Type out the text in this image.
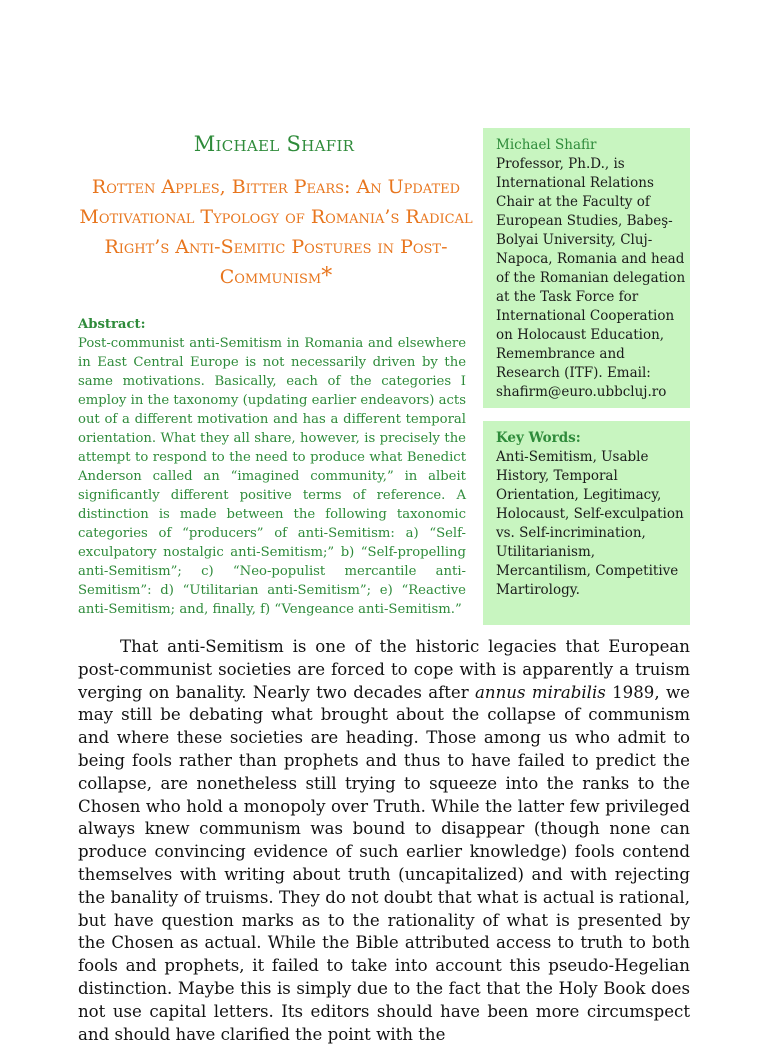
Michael Shafir
Rotten Apples, Bitter Pears: An Updated Motivational Typology of Romania’s Radical Right’s Anti-Semitic Postures in Post-Communism*
Abstract:
Post-communist anti-Semitism in Romania and elsewhere in East Central Europe is not necessarily driven by the same motivations. Basically, each of the categories I employ in the taxonomy (updating earlier endeavors) acts out of a different motivation and has a different temporal orientation. What they all share, however, is precisely the attempt to respond to the need to produce what Benedict Anderson called an “imagined community,” in albeit significantly different positive terms of reference. A distinction is made between the following taxonomic categories of “producers” of anti-Semitism: a) “Self-exculpatory nostalgic anti-Semitism;” b) “Self-propelling anti-Semitism”; c) “Neo-populist mercantile anti-Semitism”: d) “Utilitarian anti-Semitism”; e) “Reactive anti-Semitism; and, finally, f) “Vengeance anti-Semitism.”
Michael Shafir
Professor, Ph.D., is International Relations Chair at the Faculty of European Studies, Babeş-Bolyai University, Cluj-Napoca, Romania and head of the Romanian delegation at the Task Force for International Cooperation on Holocaust Education, Remembrance and Research (ITF). Email: shafirm@euro.ubbcluj.ro
Key Words:
Anti-Semitism, Usable History, Temporal Orientation, Legitimacy, Holocaust, Self-exculpation vs. Self-incrimination, Utilitarianism, Mercantilism, Competitive Martirology.
That anti-Semitism is one of the historic legacies that European post-communist societies are forced to cope with is apparently a truism verging on banality. Nearly two decades after annus mirabilis 1989, we may still be debating what brought about the collapse of communism and where these societies are heading. Those among us who admit to being fools rather than prophets and thus to have failed to predict the collapse, are nonetheless still trying to squeeze into the ranks to the Chosen who hold a monopoly over Truth. While the latter few privileged always knew communism was bound to disappear (though none can produce convincing evidence of such earlier knowledge) fools contend themselves with writing about truth (uncapitalized) and with rejecting the banality of truisms. They do not doubt that what is actual is rational, but have question marks as to the rationality of what is presented by the Chosen as actual. While the Bible attributed access to truth to both fools and prophets, it failed to take into account this pseudo-Hegelian distinction. Maybe this is simply due to the fact that the Holy Book does not use capital letters. Its editors should have been more circumspect and should have clarified the point with the
